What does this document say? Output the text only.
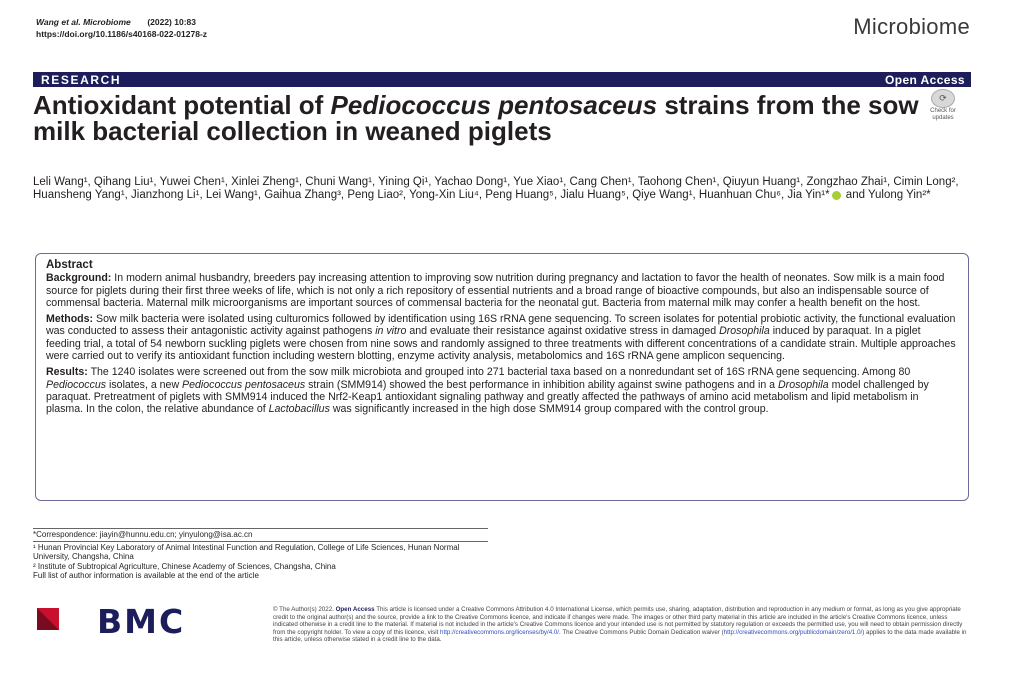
Wang et al. Microbiome (2022) 10:83
https://doi.org/10.1186/s40168-022-01278-z	Microbiome
RESEARCH	Open Access
Antioxidant potential of Pediococcus pentosaceus strains from the sow milk bacterial collection in weaned piglets
⟳
Check for
updates
Leli Wang¹, Qihang Liu¹, Yuwei Chen¹, Xinlei Zheng¹, Chuni Wang¹, Yining Qi¹, Yachao Dong¹, Yue Xiao¹, Cang Chen¹, Taohong Chen¹, Qiuyun Huang¹, Zongzhao Zhai¹, Cimin Long², Huansheng Yang¹, Jianzhong Li¹, Lei Wang¹, Gaihua Zhang³, Peng Liao², Yong-Xin Liu⁴, Peng Huang⁵, Jialu Huang⁵, Qiye Wang¹, Huanhuan Chu⁶, Jia Yin¹* and Yulong Yin²*
Abstract

Background: In modern animal husbandry, breeders pay increasing attention to improving sow nutrition during pregnancy and lactation to favor the health of neonates. Sow milk is a main food source for piglets during their first three weeks of life, which is not only a rich repository of essential nutrients and a broad range of bioactive compounds, but also an indispensable source of commensal bacteria. Maternal milk microorganisms are important sources of commensal bacteria for the neonatal gut. Bacteria from maternal milk may confer a health benefit on the host.

Methods: Sow milk bacteria were isolated using culturomics followed by identification using 16S rRNA gene sequencing. To screen isolates for potential probiotic activity, the functional evaluation was conducted to assess their antagonistic activity against pathogens in vitro and evaluate their resistance against oxidative stress in damaged Drosophila induced by paraquat. In a piglet feeding trial, a total of 54 newborn suckling piglets were chosen from nine sows and randomly assigned to three treatments with different concentrations of a candidate strain. Multiple approaches were carried out to verify its antioxidant function including western blotting, enzyme activity analysis, metabolomics and 16S rRNA gene amplicon sequencing.

Results: The 1240 isolates were screened out from the sow milk microbiota and grouped into 271 bacterial taxa based on a nonredundant set of 16S rRNA gene sequencing. Among 80 Pediococcus isolates, a new Pediococcus pentosaceus strain (SMM914) showed the best performance in inhibition ability against swine pathogens and in a Drosophila model challenged by paraquat. Pretreatment of piglets with SMM914 induced the Nrf2-Keap1 antioxidant signaling pathway and greatly affected the pathways of amino acid metabolism and lipid metabolism in plasma. In the colon, the relative abundance of Lactobacillus was significantly increased in the high dose SMM914 group compared with the control group.

*Correspondence: jiayin@hunnu.edu.cn; yinyulong@isa.ac.cn

¹ Hunan Provincial Key Laboratory of Animal Intestinal Function and Regulation, College of Life Sciences, Hunan Normal University, Changsha, China

² Institute of Subtropical Agriculture, Chinese Academy of Sciences, Changsha, China

Full list of author information is available at the end of the article

BMC	© The Author(s) 2022. Open Access This article is licensed under a Creative Commons Attribution 4.0 International License, which permits use, sharing, adaptation, distribution and reproduction in any medium or format, as long as you give appropriate credit to the original author(s) and the source, provide a link to the Creative Commons licence, and indicate if changes were made. The images or other third party material in this article are included in the article's Creative Commons licence, unless indicated otherwise in a credit line to the material. If material is not included in the article's Creative Commons licence and your intended use is not permitted by statutory regulation or exceeds the permitted use, you will need to obtain permission directly from the copyright holder. To view a copy of this licence, visit http://creativecommons.org/licenses/by/4.0/. The Creative Commons Public Domain Dedication waiver (http://creativecommons.org/publicdomain/zero/1.0/) applies to the data made available in this article, unless otherwise stated in a credit line to the data.
